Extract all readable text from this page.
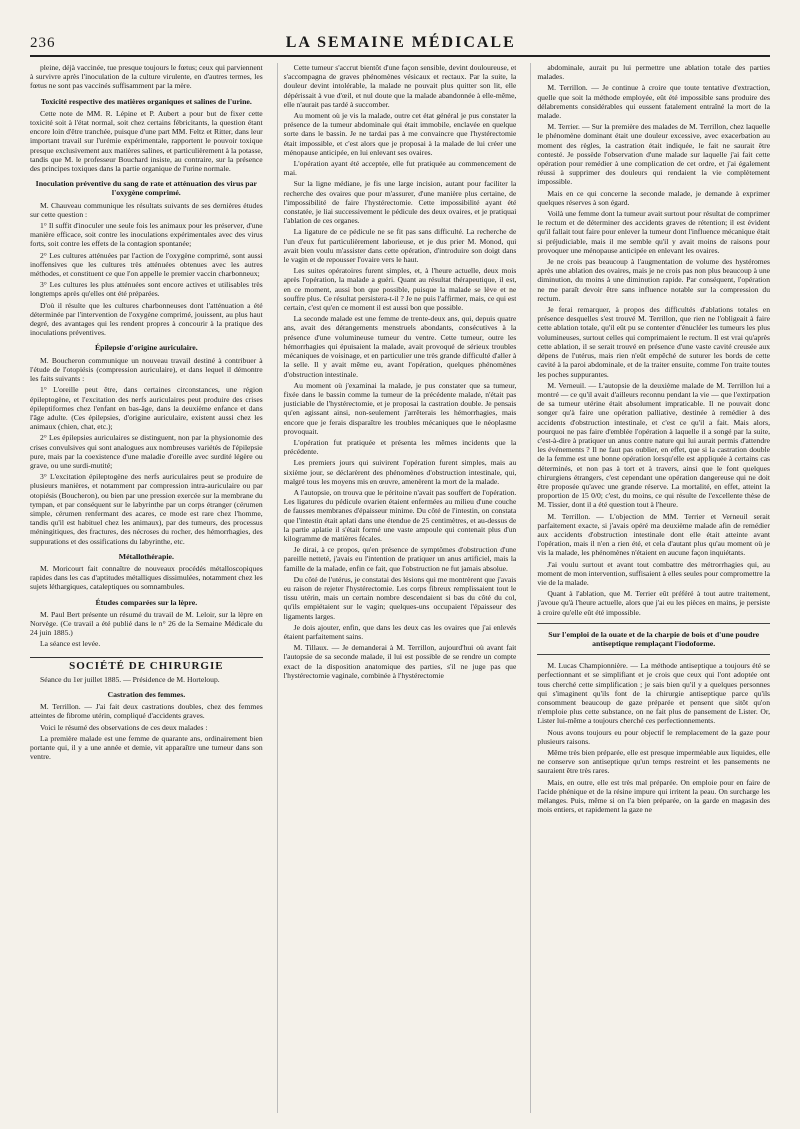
236	LA SEMAINE MÉDICALE

pleine, déjà vaccinée, tue presque toujours le fœtus; ceux qui parviennent à survivre après l'inoculation de la culture virulente, en d'autres termes, les fœtus ne sont pas vaccinés suffisamment par la mère.

Toxicité respective des matières organiques et salines de l'urine.

Cette note de MM. R. Lépine et P. Aubert a pour but de fixer cette toxicité soit à l'état normal, soit chez certains fébricitants, la question étant encore loin d'être tranchée, puisque d'une part MM. Feltz et Ritter, dans leur important travail sur l'urémie expérimentale, rapportent le pouvoir toxique presque exclusivement aux matières salines, et particulièrement à la potasse, tandis que M. le professeur Bouchard insiste, au contraire, sur la présence des principes toxiques dans la partie organique de l'urine normale.

Inoculation préventive du sang de rate et atténuation des virus par l'oxygène comprimé.

M. Chauveau communique les résultats suivants de ses dernières études sur cette question :

1° Il suffit d'inoculer une seule fois les animaux pour les préserver, d'une manière efficace, soit contre les inoculations expérimentales avec des virus forts, soit contre les effets de la contagion spontanée;

2° Les cultures atténuées par l'action de l'oxygène comprimé, sont aussi inoffensives que les cultures très atténuées obtenues avec les autres méthodes, et constituent ce que l'on appelle le premier vaccin charbonneux;

3° Les cultures les plus atténuées sont encore actives et utilisables très longtemps après qu'elles ont été préparées.

D'où il résulte que les cultures charbonneuses dont l'atténuation a été déterminée par l'intervention de l'oxygène comprimé, jouissent, au plus haut degré, des avantages qui les rendent propres à concourir à la pratique des inoculations préventives.

Épilepsie d'origine auriculaire.

M. Boucheron communique un nouveau travail destiné à contribuer à l'étude de l'otopiésis (compression auriculaire), et dans lequel il démontre les faits suivants :

1° L'oreille peut être, dans certaines circonstances, une région épileptogène, et l'excitation des nerfs auriculaires peut produire des crises épileptiformes chez l'enfant en bas-âge, dans la deuxième enfance et dans l'âge adulte. (Ces épilepsies, d'origine auriculaire, existent aussi chez les animaux (chien, chat, etc.);

2° Les épilepsies auriculaires se distinguent, non par la physionomie des crises convulsives qui sont analogues aux nombreuses variétés de l'épilepsie pure, mais par la coexistence d'une maladie d'oreille avec surdité légère ou grave, ou une surdi-mutité;

3° L'excitation épileptogène des nerfs auriculaires peut se produire de plusieurs manières, et notamment par compression intra-auriculaire ou par otopiésis (Boucheron), ou bien par une pression exercée sur la membrane du tympan, et par conséquent sur le labyrinthe par un corps étranger (cérumen simple, cérumen renfermant des acares, ce mode est rare chez l'homme, tandis qu'il est habituel chez les animaux), par des tumeurs, des processus méningitiques, des fractures, des nécroses du rocher, des hémorrhagies, des suppurations et des ossifications du labyrinthe, etc.

Métallothérapie.

M. Moricourt fait connaître de nouveaux procédés métalloscopiques rapides dans les cas d'aptitudes métalliques dissimulées, notamment chez les sujets léthargiques, cataleptiques ou somnambules.

Études comparées sur la lèpre.

M. Paul Bert présente un résumé du travail de M. Leloir, sur la lèpre en Norvège. (Ce travail a été publié dans le n° 26 de la Semaine Médicale du 24 juin 1885.)

La séance est levée.

SOCIÉTÉ DE CHIRURGIE

Séance du 1er juillet 1885. — Présidence de M. Horteloup.

Castration des femmes.

M. Terrillon. — J'ai fait deux castrations doubles, chez des femmes atteintes de fibrome utérin, compliqué d'accidents graves.

Voici le résumé des observations de ces deux malades :

La première malade est une femme de quarante ans, ordinairement bien portante qui, il y a une année et demie, vit apparaître une tumeur dans son ventre.

Cette tumeur s'accrut bientôt d'une façon sensible, devint douloureuse, et s'accompagna de graves phénomènes vésicaux et rectaux. Par la suite, la douleur devint intolérable, la malade ne pouvait plus quitter son lit, elle dépérissait à vue d'œil, et nul doute que la malade abandonnée à elle-même, elle n'aurait pas tardé à succomber.

Au moment où je vis la malade, outre cet état général je pus constater la présence de la tumeur abdominale qui était immobile, enclavée en quelque sorte dans le bassin. Je ne tardai pas à me convaincre que l'hystérectomie était impossible, et c'est alors que je proposai à la malade de lui créer une ménopause anticipée, en lui enlevant ses ovaires.

L'opération ayant été acceptée, elle fut pratiquée au commencement de mai.

Sur la ligne médiane, je fis une large incision, autant pour faciliter la recherche des ovaires que pour m'assurer, d'une manière plus certaine, de l'impossibilité de faire l'hystérectomie. Cette impossibilité ayant été constatée, je liai successivement le pédicule des deux ovaires, et je pratiquai l'ablation de ces organes.

La ligature de ce pédicule ne se fit pas sans difficulté. La recherche de l'un d'eux fut particulièrement laborieuse, et je dus prier M. Monod, qui avait bien voulu m'assister dans cette opération, d'introduire son doigt dans le vagin et de repousser l'ovaire vers le haut.

Les suites opératoires furent simples, et, à l'heure actuelle, deux mois après l'opération, la malade a guéri. Quant au résultat thérapeutique, il est, en ce moment, aussi bon que possible, puisque la malade se lève et ne souffre plus. Ce résultat persistera-t-il ? Je ne puis l'affirmer, mais, ce qui est certain, c'est qu'en ce moment il est aussi bon que possible.

La seconde malade est une femme de trente-deux ans, qui, depuis quatre ans, avait des dérangements menstruels abondants, consécutives à la présence d'une volumineuse tumeur du ventre. Cette tumeur, outre les hémorrhagies qui épuisaient la malade, avait provoqué de sérieux troubles mécaniques de voisinage, et en particulier une très grande difficulté d'aller à la selle. Il y avait même eu, avant l'opération, quelques phénomènes d'obstruction intestinale.

Au moment où j'examinai la malade, je pus constater que sa tumeur, fixée dans le bassin comme la tumeur de la précédente malade, n'était pas justiciable de l'hystérectomie, et je proposai la castration double. Je pensais qu'en agissant ainsi, non-seulement j'arrêterais les hémorrhagies, mais encore que je ferais disparaître les troubles mécaniques que le néoplasme provoquait.

L'opération fut pratiquée et présenta les mêmes incidents que la précédente.

Les premiers jours qui suivirent l'opération furent simples, mais au sixième jour, se déclarèrent des phénomènes d'obstruction intestinale, qui, malgré tous les moyens mis en œuvre, amenèrent la mort de la malade.

A l'autopsie, on trouva que le péritoine n'avait pas souffert de l'opération. Les ligatures du pédicule ovarien étaient enfermées au milieu d'une couche de fausses membranes d'épaisseur minime. Du côté de l'intestin, on constata que l'intestin était aplati dans une étendue de 25 centimètres, et au-dessus de la partie aplatie il s'était formé une vaste ampoule qui contenait plus d'un kilogramme de matières fécales.

Je dirai, à ce propos, qu'en présence de symptômes d'obstruction d'une pareille netteté, j'avais eu l'intention de pratiquer un anus artificiel, mais la famille de la malade, enfin ce fait, que l'obstruction ne fut jamais absolue.

Du côté de l'utérus, je constatai des lésions qui me montrèrent que j'avais eu raison de rejeter l'hystérectomie. Les corps fibreux remplissaient tout le tissu utérin, mais un certain nombre descendaient si bas du côté du col, qu'ils empiétaient sur le vagin; quelques-uns occupaient l'épaisseur des ligaments larges.

Je dois ajouter, enfin, que dans les deux cas les ovaires que j'ai enlevés étaient parfaitement sains.

M. Tillaux. — Je demanderai à M. Terrillon, aujourd'hui où avant fait l'autopsie de sa seconde malade, il lui est possible de se rendre un compte exact de la disposition anatomique des parties, s'il ne juge pas que l'hystérectomie vaginale, combinée à l'hystérectomie

abdominale, aurait pu lui permettre une ablation totale des parties malades.

M. Terrillon. — Je continue à croire que toute tentative d'extraction, quelle que soit la méthode employée, eût été impossible sans produire des délabrements considérables qui eussent fatalement entraîné la mort de la malade.

M. Terrier. — Sur la première des malades de M. Terrillon, chez laquelle le phénomène dominant était une douleur excessive, avec exacerbation au moment des règles, la castration était indiquée, le fait ne saurait être contesté. Je possède l'observation d'une malade sur laquelle j'ai fait cette opération pour remédier à une complication de cet ordre, et j'ai également réussi à supprimer des douleurs qui rendaient la vie complètement impossible.

Mais en ce qui concerne la seconde malade, je demande à exprimer quelques réserves à son égard.

Voilà une femme dont la tumeur avait surtout pour résultat de comprimer le rectum et de déterminer des accidents graves de rétention; il est évident qu'il fallait tout faire pour enlever la tumeur dont l'influence mécanique était si préjudiciable, mais il me semble qu'il y avait moins de raisons pour provoquer une ménopause anticipée en enlevant les ovaires.

Je ne crois pas beaucoup à l'augmentation de volume des hystéromes après une ablation des ovaires, mais je ne crois pas non plus beaucoup à une diminution, du moins à une diminution rapide. Par conséquent, l'opération ne me paraît devoir être sans influence notable sur la compression du rectum.

Je ferai remarquer, à propos des difficultés d'ablations totales en présence desquelles s'est trouvé M. Terrillon, que rien ne l'obligeait à faire cette ablation totale, qu'il eût pu se contenter d'énucléer les tumeurs les plus volumineuses, surtout celles qui comprimaient le rectum. Il est vrai qu'après cette ablation, il se serait trouvé en présence d'une vaste cavité creusée aux dépens de l'utérus, mais rien n'eût empêché de suturer les bords de cette cavité à la paroi abdominale, et de la traiter ensuite, comme l'on traite toutes les poches suppurantes.

M. Verneuil. — L'autopsie de la deuxième malade de M. Terrillon lui a montré — ce qu'il avait d'ailleurs reconnu pendant la vie — que l'extirpation de sa tumeur utérine était absolument impraticable. Il ne pouvait donc songer qu'à faire une opération palliative, destinée à remédier à des accidents d'obstruction intestinale, et c'est ce qu'il a fait. Mais alors, pourquoi ne pas faire d'emblée l'opération à laquelle il a songé par la suite, c'est-à-dire à pratiquer un anus contre nature qui lui aurait permis d'attendre les événements ? Il ne faut pas oublier, en effet, que si la castration double de la femme est une bonne opération lorsqu'elle est appliquée à certains cas déterminés, et non pas à tort et à travers, ainsi que le font quelques chirurgiens étrangers, c'est cependant une opération dangereuse qui ne doit être proposée qu'avec une grande réserve. La mortalité, en effet, atteint la proportion de 15 0/0; c'est, du moins, ce qui résulte de l'excellente thèse de M. Tissier, dont il a été question tout à l'heure.

M. Terrillon. — L'objection de MM. Terrier et Verneuil serait parfaitement exacte, si j'avais opéré ma deuxième malade afin de remédier aux accidents d'obstruction intestinale dont elle était atteinte avant l'opération, mais il n'en a rien été, et cela d'autant plus qu'au moment où je vis la malade, les phénomènes n'étaient en aucune façon inquiétants.

J'ai voulu surtout et avant tout combattre des métrorrhagies qui, au moment de mon intervention, suffisaient à elles seules pour compromettre la vie de la malade.

Quant à l'ablation, que M. Terrier eût préféré à tout autre traitement, j'avoue qu'à l'heure actuelle, alors que j'ai eu les pièces en mains, je persiste à croire qu'elle eût été impossible.

Sur l'emploi de la ouate et de la charpie de bois et d'une poudre antiseptique remplaçant l'iodoforme.

M. Lucas Championnière. — La méthode antiseptique a toujours été se perfectionnant et se simplifiant et je crois que ceux qui l'ont adoptée ont tous cherché cette simplification ; je sais bien qu'il y a quelques personnes qui s'imaginent qu'ils font de la chirurgie antiseptique parce qu'ils consomment beaucoup de gaze préparée et pensent que sitôt qu'on n'emploie plus cette substance, on ne fait plus de pansement de Lister. Or, Lister lui-même a toujours cherché ces perfectionnements.

Nous avons toujours eu pour objectif le remplacement de la gaze pour plusieurs raisons.

Même très bien préparée, elle est presque imperméable aux liquides, elle ne conserve son antiseptique qu'un temps restreint et les pansements ne sauraient être très rares.

Mais, en outre, elle est très mal préparée. On emploie pour en faire de l'acide phénique et de la résine impure qui irritent la peau. On surcharge les mélanges. Puis, même si on l'a bien préparée, on la garde en magasin des mois entiers, et rapidement la gaze ne
